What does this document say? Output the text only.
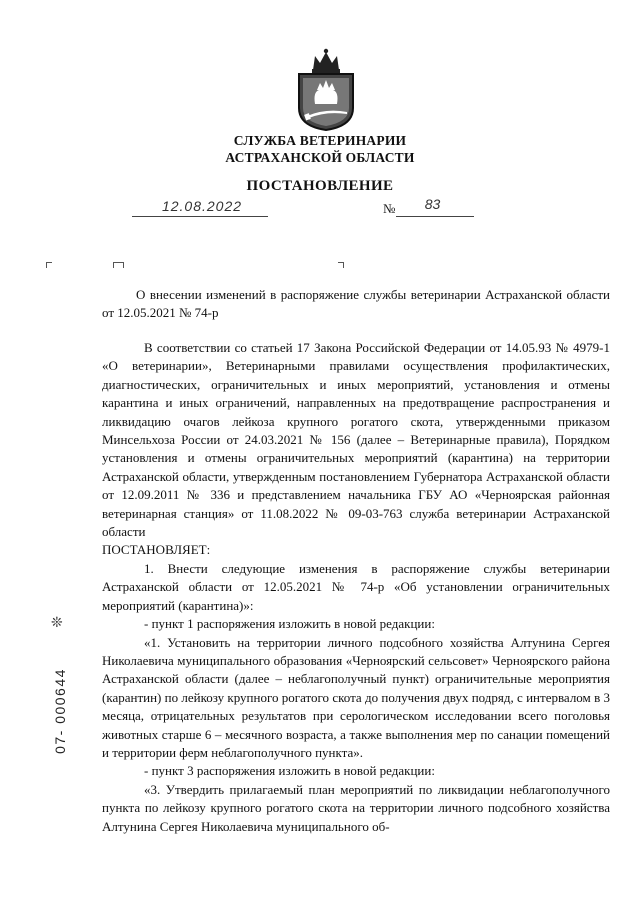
СЛУЖБА ВЕТЕРИНАРИИ
АСТРАХАНСКОЙ ОБЛАСТИ
ПОСТАНОВЛЕНИЕ
12.08.2022	№	83

О внесении изменений в распоряжение службы ветеринарии Астраханской области от 12.05.2021 № 74-р

В соответствии со статьей 17 Закона Российской Федерации от 14.05.93 № 4979-1 «О ветеринарии», Ветеринарными правилами осуществления профилактических, диагностических, ограничительных и иных мероприятий, установления и отмены карантина и иных ограничений, направленных на предотвращение распространения и ликвидацию очагов лейкоза крупного рогатого скота, утвержденными приказом Минсельхоза России от 24.03.2021 № 156 (далее – Ветеринарные правила), Порядком установления и отмены ограничительных мероприятий (карантина) на территории Астраханской области, утвержденным постановлением Губернатора Астраханской области от 12.09.2011 № 336 и представлением начальника ГБУ АО «Черноярская районная ветеринарная станция» от 11.08.2022 № 09-03-763 служба ветеринарии Астраханской области

ПОСТАНОВЛЯЕТ:

1. Внести следующие изменения в распоряжение службы ветеринарии Астраханской области от 12.05.2021 № 74-р «Об установлении ограничительных мероприятий (карантина)»:

- пункт 1 распоряжения изложить в новой редакции:

«1. Установить на территории личного подсобного хозяйства Алтунина Сергея Николаевича муниципального образования «Черноярский сельсовет» Черноярского района Астраханской области (далее – неблагополучный пункт) ограничительные мероприятия (карантин) по лейкозу крупного рогатого скота до получения двух подряд, с интервалом в 3 месяца, отрицательных результатов при серологическом исследовании всего поголовья животных старше 6 – месячного возраста, а также выполнения мер по санации помещений и территории ферм неблагополучного пункта».

- пункт 3 распоряжения изложить в новой редакции:

«3. Утвердить прилагаемый план мероприятий по ликвидации неблагополучного пункта по лейкозу крупного рогатого скота на территории личного подсобного хозяйства Алтунина Сергея Николаевича муниципального об-

❊
07- 000644
